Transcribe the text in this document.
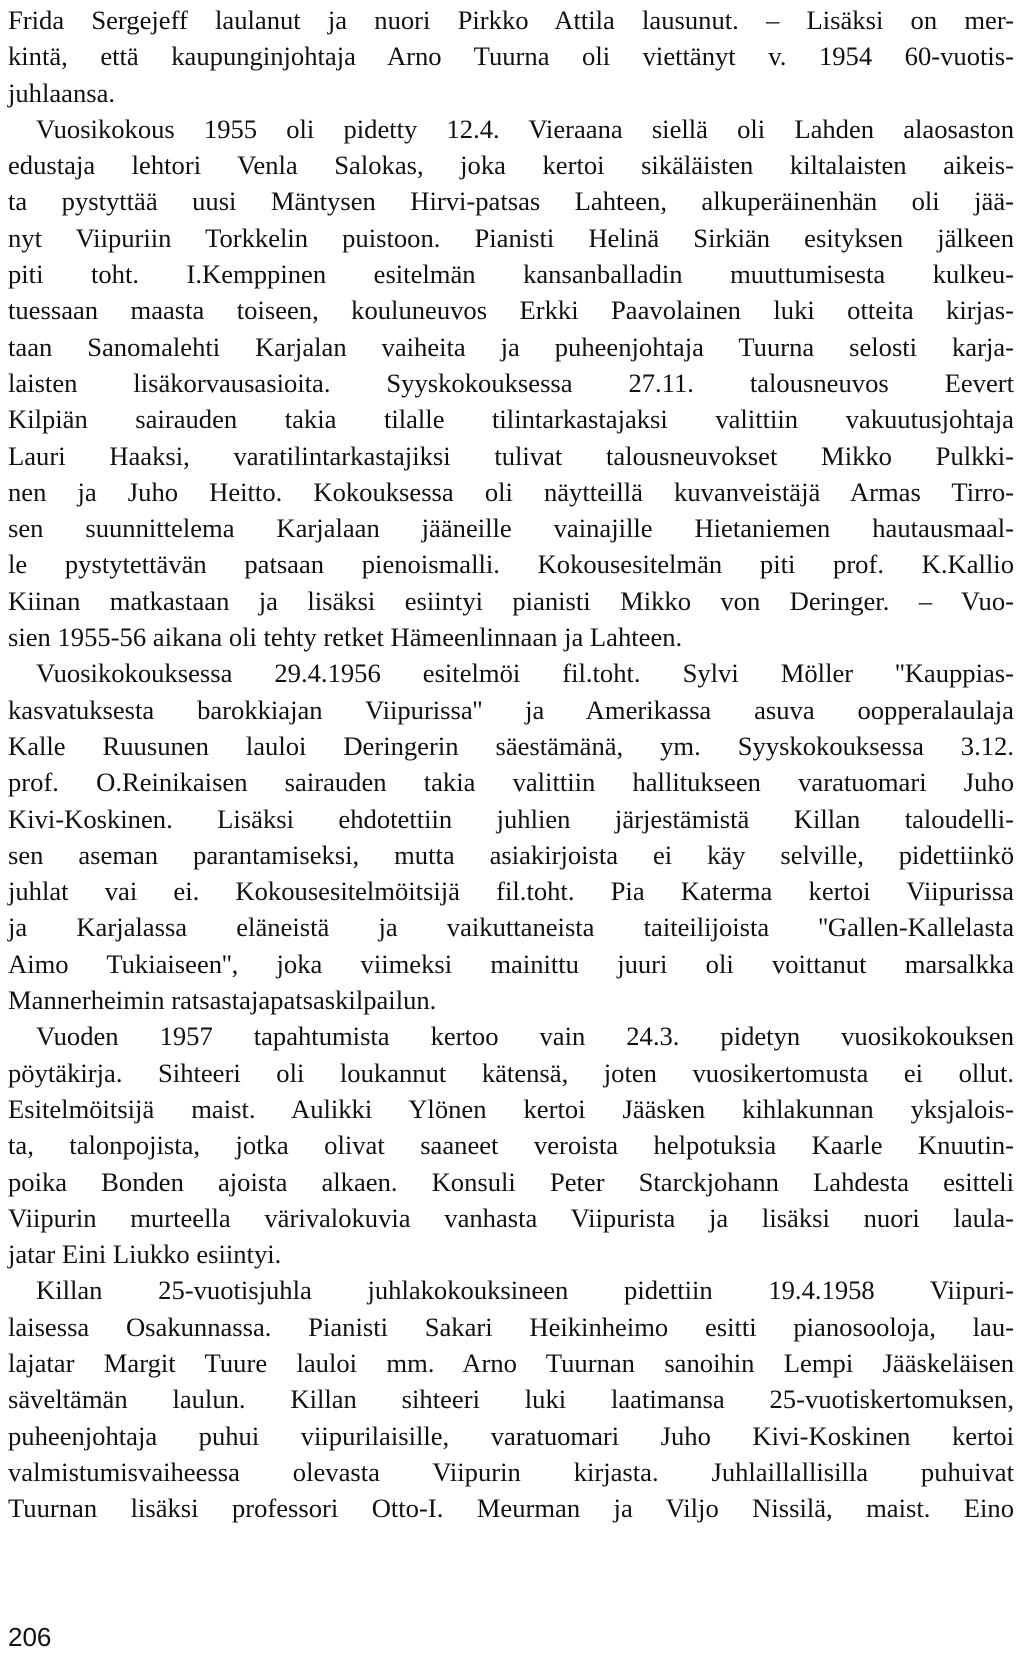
Frida Sergejeff laulanut ja nuori Pirkko Attila lausunut. – Lisäksi on mer-
kintä, että kaupunginjohtaja Arno Tuurna oli viettänyt v. 1954 60-vuotis-
juhlaansa.
Vuosikokous 1955 oli pidetty 12.4. Vieraana siellä oli Lahden alaosaston
edustaja lehtori Venla Salokas, joka kertoi sikäläisten kiltalaisten aikeis-
ta pystyttää uusi Mäntysen Hirvi-patsas Lahteen, alkuperäinenhän oli jää-
nyt Viipuriin Torkkelin puistoon. Pianisti Helinä Sirkiän esityksen jälkeen
piti toht. I.Kemppinen esitelmän kansanballadin muuttumisesta kulkeu-
tuessaan maasta toiseen, kouluneuvos Erkki Paavolainen luki otteita kirjas-
taan Sanomalehti Karjalan vaiheita ja puheenjohtaja Tuurna selosti karja-
laisten lisäkorvausasioita. Syyskokouksessa 27.11. talousneuvos Eevert
Kilpiän sairauden takia tilalle tilintarkastajaksi valittiin vakuutusjohtaja
Lauri Haaksi, varatilintarkastajiksi tulivat talousneuvokset Mikko Pulkki-
nen ja Juho Heitto. Kokouksessa oli näytteillä kuvanveistäjä Armas Tirro-
sen suunnittelema Karjalaan jääneille vainajille Hietaniemen hautausmaal-
le pystytettävän patsaan pienoismalli. Kokousesitelmän piti prof. K.Kallio
Kiinan matkastaan ja lisäksi esiintyi pianisti Mikko von Deringer. – Vuo-
sien 1955-56 aikana oli tehty retket Hämeenlinnaan ja Lahteen.
Vuosikokouksessa 29.4.1956 esitelmöi fil.toht. Sylvi Möller ''Kauppias-
kasvatuksesta barokkiajan Viipurissa'' ja Amerikassa asuva oopperalaulaja
Kalle Ruusunen lauloi Deringerin säestämänä, ym. Syyskokouksessa 3.12.
prof. O.Reinikaisen sairauden takia valittiin hallitukseen varatuomari Juho
Kivi-Koskinen. Lisäksi ehdotettiin juhlien järjestämistä Killan taloudelli-
sen aseman parantamiseksi, mutta asiakirjoista ei käy selville, pidettiinkö
juhlat vai ei. Kokousesitelmöitsijä fil.toht. Pia Katerma kertoi Viipurissa
ja Karjalassa eläneistä ja vaikuttaneista taiteilijoista ''Gallen-Kallelasta
Aimo Tukiaiseen'', joka viimeksi mainittu juuri oli voittanut marsalkka
Mannerheimin ratsastajapatsaskilpailun.
Vuoden 1957 tapahtumista kertoo vain 24.3. pidetyn vuosikokouksen
pöytäkirja. Sihteeri oli loukannut kätensä, joten vuosikertomusta ei ollut.
Esitelmöitsijä maist. Aulikki Ylönen kertoi Jääsken kihlakunnan yksjalois-
ta, talonpojista, jotka olivat saaneet veroista helpotuksia Kaarle Knuutin-
poika Bonden ajoista alkaen. Konsuli Peter Starckjohann Lahdesta esitteli
Viipurin murteella värivalokuvia vanhasta Viipurista ja lisäksi nuori laula-
jatar Eini Liukko esiintyi.
Killan 25-vuotisjuhla juhlakokouksineen pidettiin 19.4.1958 Viipuri-
laisessa Osakunnassa. Pianisti Sakari Heikinheimo esitti pianosooloja, lau-
lajatar Margit Tuure lauloi mm. Arno Tuurnan sanoihin Lempi Jääskeläisen
säveltämän laulun. Killan sihteeri luki laatimansa 25-vuotiskertomuksen,
puheenjohtaja puhui viipurilaisille, varatuomari Juho Kivi-Koskinen kertoi
valmistumisvaiheessa olevasta Viipurin kirjasta. Juhlaillallisilla puhuivat
Tuurnan lisäksi professori Otto-I. Meurman ja Viljo Nissilä, maist. Eino
206
